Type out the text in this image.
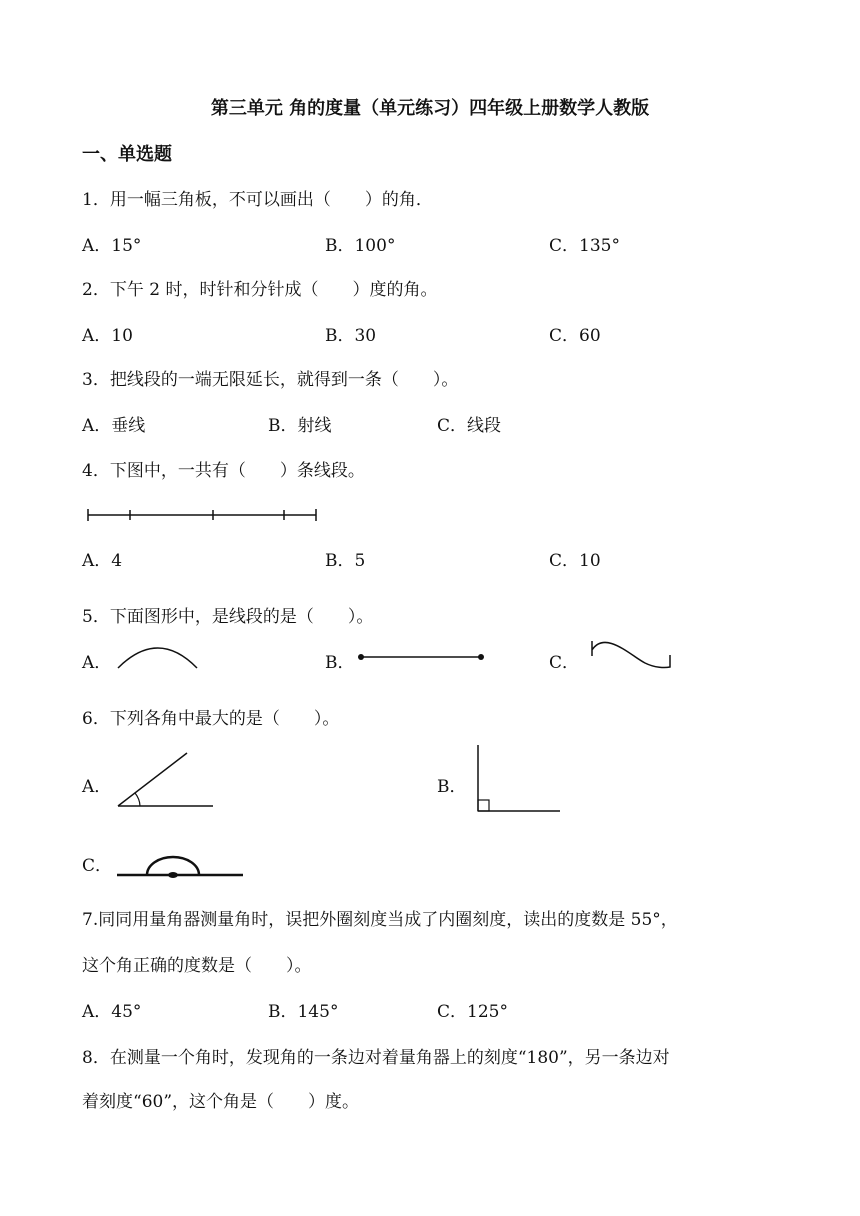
第三单元 角的度量（单元练习）四年级上册数学人教版
一、单选题
1．用一幅三角板，不可以画出（　　）的角．
A．15°	B．100°	C．135°
2．下午 2 时，时针和分针成（　　）度的角。
A．10	B．30	C．60
3．把线段的一端无限延长，就得到一条（　　）。
A．垂线	B．射线	C．线段
4．下图中，一共有（　　）条线段。
A．4	B．5	C．10
5．下面图形中，是线段的是（　　）。
A．	B．	C．
6．下列各角中最大的是（　　）。
A．	B．
C．
7.同同用量角器测量角时，误把外圈刻度当成了内圈刻度，读出的度数是 55°，
这个角正确的度数是（　　）。
A．45°	B．145°	C．125°
8．在测量一个角时，发现角的一条边对着量角器上的刻度“180”，另一条边对
着刻度“60”，这个角是（　　）度。
